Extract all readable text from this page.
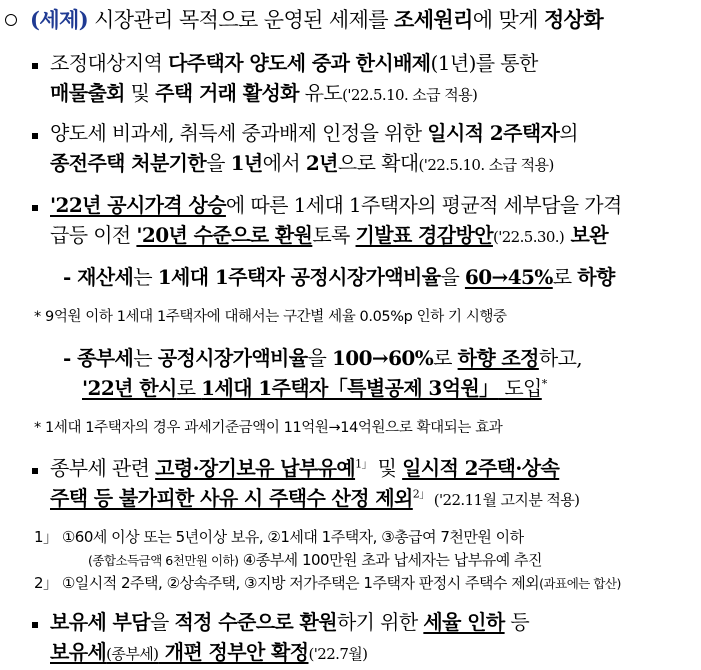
(세제) 시장관리 목적으로 운영된 세제를 조세원리에 맞게 정상화
조정대상지역 다주택자 양도세 중과 한시배제(1년)를 통한
매물출회 및 주택 거래 활성화 유도('22.5.10. 소급 적용)
양도세 비과세, 취득세 중과배제 인정을 위한 일시적 2주택자의
종전주택 처분기한을 1년에서 2년으로 확대('22.5.10. 소급 적용)
'22년 공시가격 상승에 따른 1세대 1주택자의 평균적 세부담을 가격
급등 이전 '20년 수준으로 환원토록 기발표 경감방안('22.5.30.) 보완
- 재산세는 1세대 1주택자 공정시장가액비율을 60→45%로 하향
* 9억원 이하 1세대 1주택자에 대해서는 구간별 세율 0.05%p 인하 기 시행중
- 종부세는 공정시장가액비율을 100→60%로 하향 조정하고,
'22년 한시로 1세대 1주택자「특별공제 3억원」 도입*
* 1세대 1주택자의 경우 과세기준금액이 11억원→14억원으로 확대되는 효과
종부세 관련 고령·장기보유 납부유예$^{1」}$ 및 일시적 2주택·상속
주택 등 불가피한 사유 시 주택수 산정 제외$^{2」}$ ('22.11월 고지분 적용)
1」 ①60세 이상 또는 5년이상 보유, ②1세대 1주택자, ③총급여 7천만원 이하
(종합소득금액 6천만원 이하) ④종부세 100만원 초과 납세자는 납부유예 추진
2」 ①일시적 2주택, ②상속주택, ③지방 저가주택은 1주택자 판정시 주택수 제외(과표에는 합산)
보유세 부담을 적정 수준으로 환원하기 위한 세율 인하 등
보유세(종부세) 개편 정부안 확정('22.7월)
